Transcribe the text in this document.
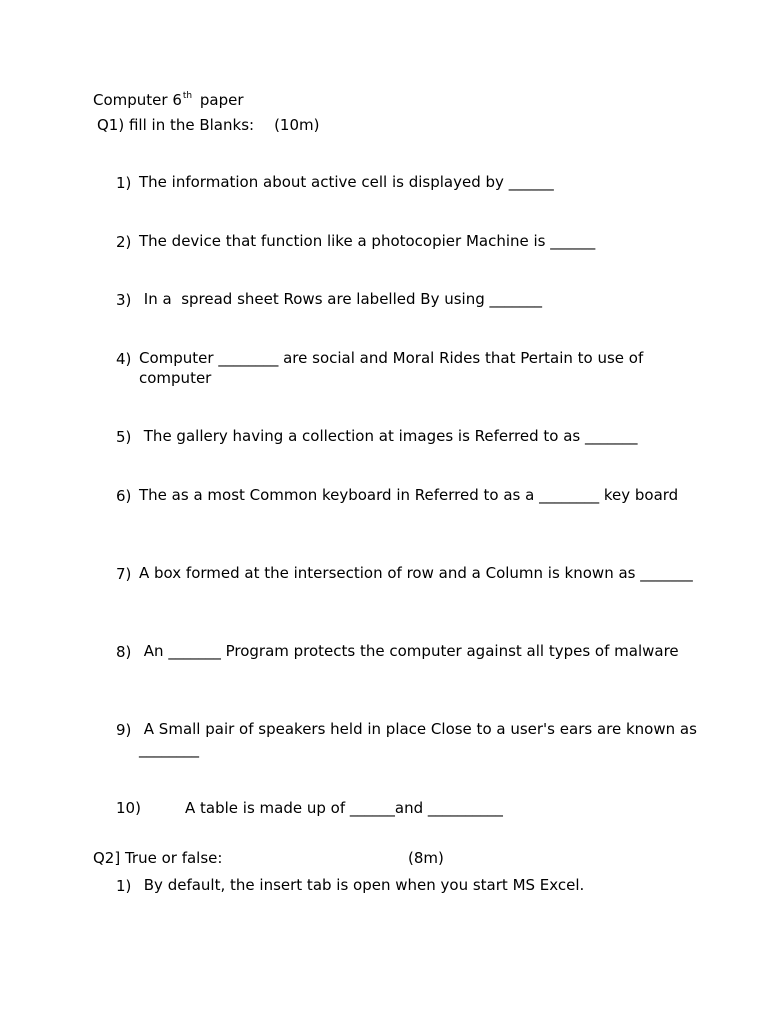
Computer 6th paper
Q1) fill in the Blanks: (10m)
1) The information about active cell is displayed by ______
2) The device that function like a photocopier Machine is ______
3) In a  spread sheet Rows are labelled By using _______
4) Computer ________ are social and Moral Rides that Pertain to use of computer
5) The gallery having a collection at images is Referred to as _______
6) The as a most Common keyboard in Referred to as a ________ key board
7) A box formed at the intersection of row and a Column is known as _______
8) An _______ Program protects the computer against all types of malware
9) A Small pair of speakers held in place Close to a user's ears are known as ________
10)	A table is made up of ______and __________
Q2] True or false:	(8m)
1) By default, the insert tab is open when you start MS Excel.
